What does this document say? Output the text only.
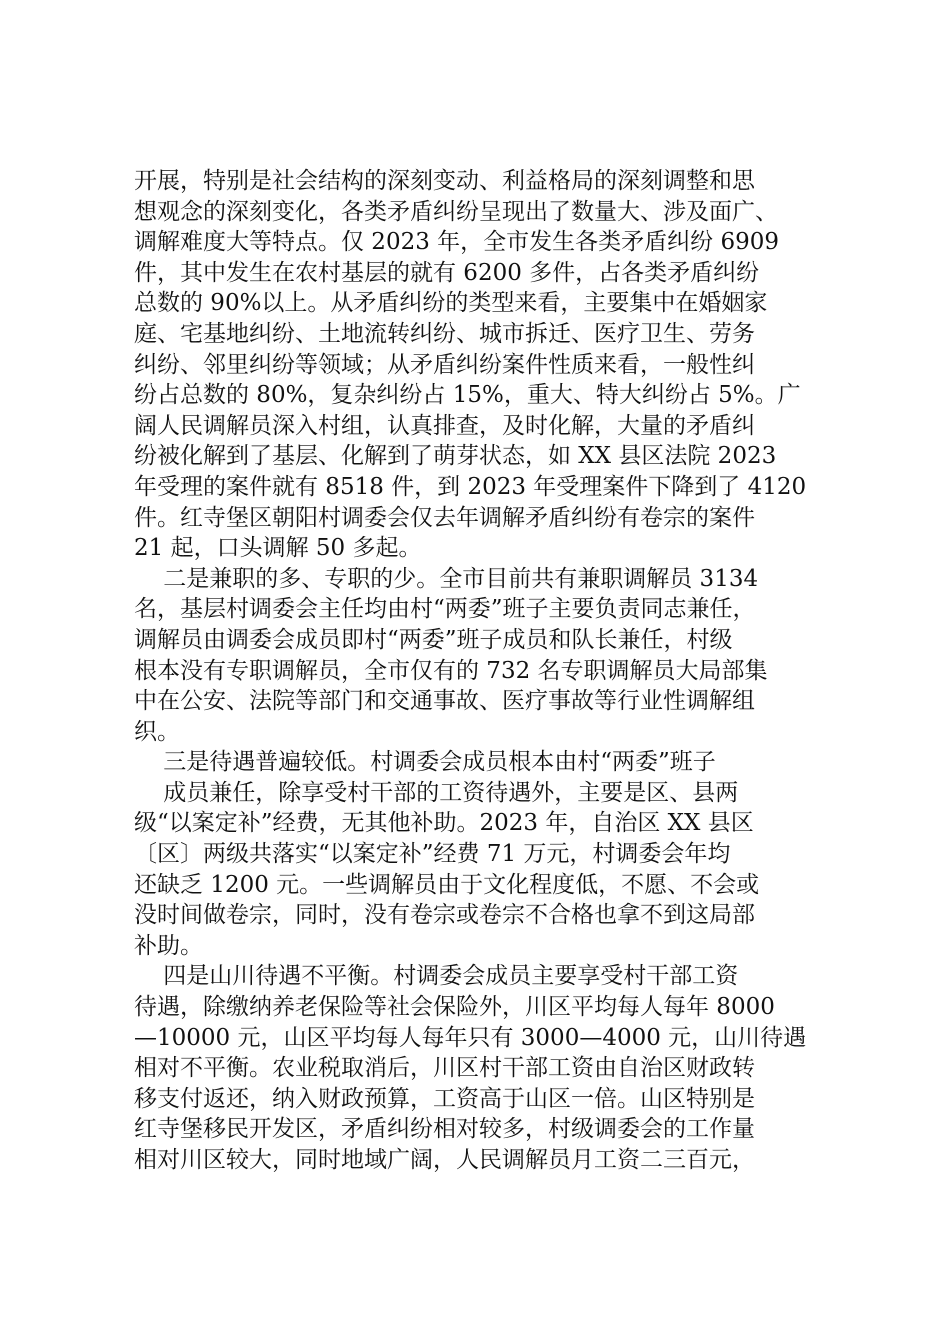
开展，特别是社会结构的深刻变动、利益格局的深刻调整和思
想观念的深刻变化，各类矛盾纠纷呈现出了数量大、涉及面广、
调解难度大等特点。仅 2023 年，全市发生各类矛盾纠纷 6909
件，其中发生在农村基层的就有 6200 多件，占各类矛盾纠纷
总数的 90%以上。从矛盾纠纷的类型来看，主要集中在婚姻家
庭、宅基地纠纷、土地流转纠纷、城市拆迁、医疗卫生、劳务
纠纷、邻里纠纷等领域；从矛盾纠纷案件性质来看，一般性纠
纷占总数的 80%，复杂纠纷占 15%，重大、特大纠纷占 5%。广
阔人民调解员深入村组，认真排查，及时化解，大量的矛盾纠
纷被化解到了基层、化解到了萌芽状态，如 XX 县区法院 2023
年受理的案件就有 8518 件，到 2023 年受理案件下降到了 4120
件。红寺堡区朝阳村调委会仅去年调解矛盾纠纷有卷宗的案件
21 起，口头调解 50 多起。
二是兼职的多、专职的少。全市目前共有兼职调解员 3134
名，基层村调委会主任均由村“两委”班子主要负责同志兼任，
调解员由调委会成员即村“两委”班子成员和队长兼任，村级
根本没有专职调解员，全市仅有的 732 名专职调解员大局部集
中在公安、法院等部门和交通事故、医疗事故等行业性调解组
织。
三是待遇普遍较低。村调委会成员根本由村“两委”班子
成员兼任，除享受村干部的工资待遇外，主要是区、县两
级“以案定补”经费，无其他补助。2023 年，自治区 XX 县区
〔区〕两级共落实“以案定补”经费 71 万元，村调委会年均
还缺乏 1200 元。一些调解员由于文化程度低，不愿、不会或
没时间做卷宗，同时，没有卷宗或卷宗不合格也拿不到这局部
补助。
四是山川待遇不平衡。村调委会成员主要享受村干部工资
待遇，除缴纳养老保险等社会保险外，川区平均每人每年 8000
—10000 元，山区平均每人每年只有 3000—4000 元，山川待遇
相对不平衡。农业税取消后，川区村干部工资由自治区财政转
移支付返还，纳入财政预算，工资高于山区一倍。山区特别是
红寺堡移民开发区，矛盾纠纷相对较多，村级调委会的工作量
相对川区较大，同时地域广阔，人民调解员月工资二三百元，
